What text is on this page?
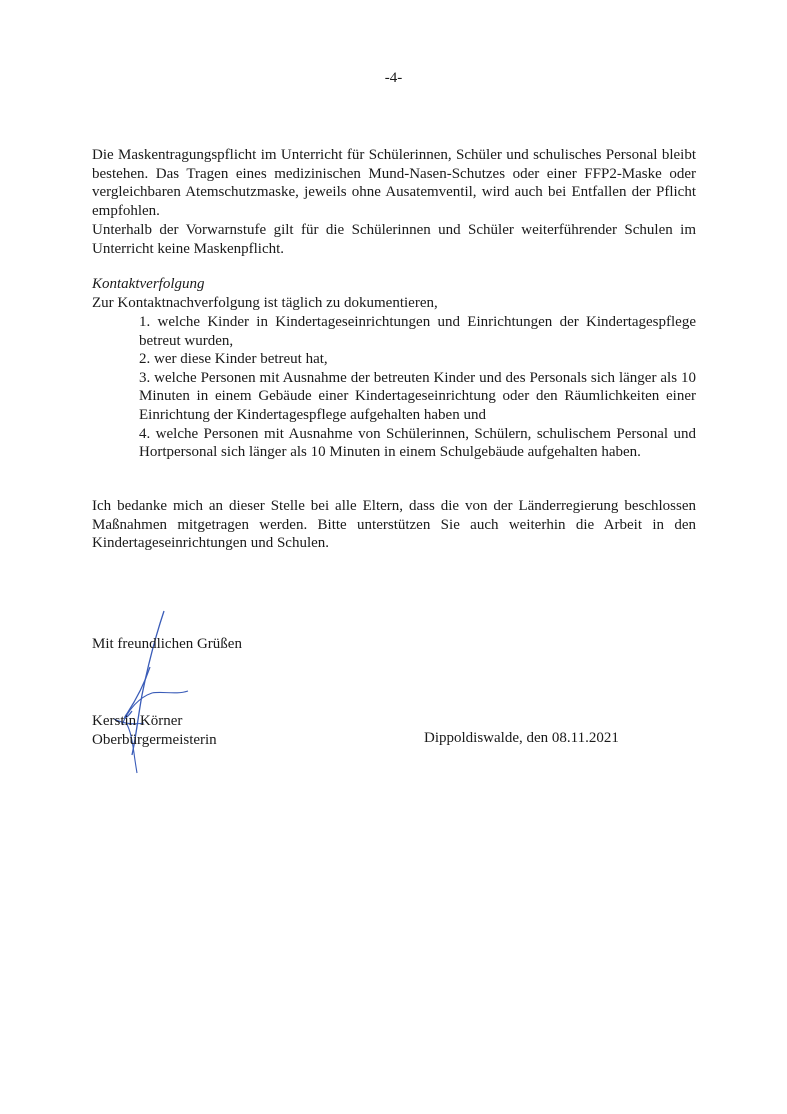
-4-
Die Maskentragungspflicht im Unterricht für Schülerinnen, Schüler und schulisches Personal bleibt bestehen. Das Tragen eines medizinischen Mund-Nasen-Schutzes oder einer FFP2-Maske oder vergleichbaren Atemschutzmaske, jeweils ohne Ausatemventil, wird auch bei Entfallen der Pflicht empfohlen.
Unterhalb der Vorwarnstufe gilt für die Schülerinnen und Schüler weiterführender Schulen im Unterricht keine Maskenpflicht.
Kontaktverfolgung
Zur Kontaktnachverfolgung ist täglich zu dokumentieren,
1. welche Kinder in Kindertageseinrichtungen und Einrichtungen der Kindertagespflege betreut wurden,
2. wer diese Kinder betreut hat,
3. welche Personen mit Ausnahme der betreuten Kinder und des Personals sich länger als 10 Minuten in einem Gebäude einer Kindertageseinrichtung oder den Räumlichkeiten einer Einrichtung der Kindertagespflege aufgehalten haben und
4. welche Personen mit Ausnahme von Schülerinnen, Schülern, schulischem Personal und Hortpersonal sich länger als 10 Minuten in einem Schulgebäude aufgehalten haben.
Ich bedanke mich an dieser Stelle bei alle Eltern, dass die von der Länderregierung beschlossen Maßnahmen mitgetragen werden. Bitte unterstützen Sie auch weiterhin die Arbeit in den Kindertageseinrichtungen und Schulen.
Mit freundlichen Grüßen
Kerstin Körner
Oberbürgermeisterin	Dippoldiswalde, den 08.11.2021
